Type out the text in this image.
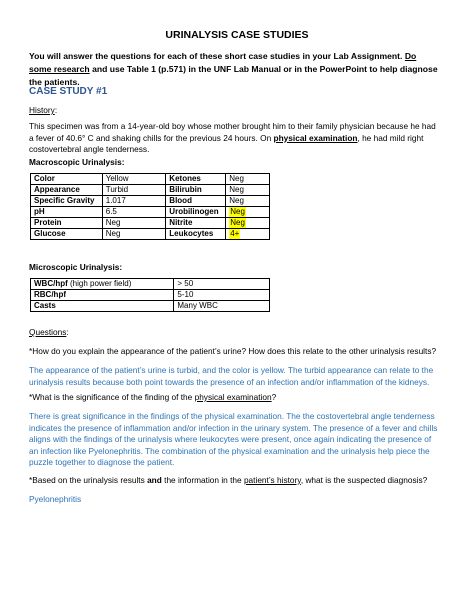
URINALYSIS CASE STUDIES
You will answer the questions for each of these short case studies in your Lab Assignment. Do some research and use Table 1 (p.571) in the UNF Lab Manual or in the PowerPoint to help diagnose the patients.
CASE STUDY #1
History:
This specimen was from a 14-year-old boy whose mother brought him to their family physician because he had a fever of 40.6° C and shaking chills for the previous 24 hours. On physical examination, he had mild right costovertebral angle tenderness.
Macroscopic Urinalysis:
Color	Yellow	Ketones	Neg
Appearance	Turbid	Bilirubin	Neg
Specific Gravity	1.017	Blood	Neg
pH	6.5	Urobilinogen	Neg
Protein	Neg	Nitrite	Neg
Glucose	Neg	Leukocytes	4+
Microscopic Urinalysis:
WBC/hpf (high power field)	> 50
RBC/hpf	5-10
Casts	Many WBC
Questions:
*How do you explain the appearance of the patient’s urine? How does this relate to the other urinalysis results?
The appearance of the patient’s urine is turbid, and the color is yellow. The turbid appearance can relate to the urinalysis results because both point towards the presence of an infection and/or inflammation of the kidneys.
*What is the significance of the finding of the physical examination?
There is great significance in the findings of the physical examination. The the costovertebral angle tenderness indicates the presence of inflammation and/or infection in the urinary system. The presence of a fever and chills aligns with the findings of the urinalysis where leukocytes were present, once again indicating the presence of an infection like Pyelonephritis. The combination of the physical examination and the urinalysis help piece the puzzle together to diagnose the patient.
*Based on the urinalysis results and the information in the patient’s history, what is the suspected diagnosis?
Pyelonephritis
